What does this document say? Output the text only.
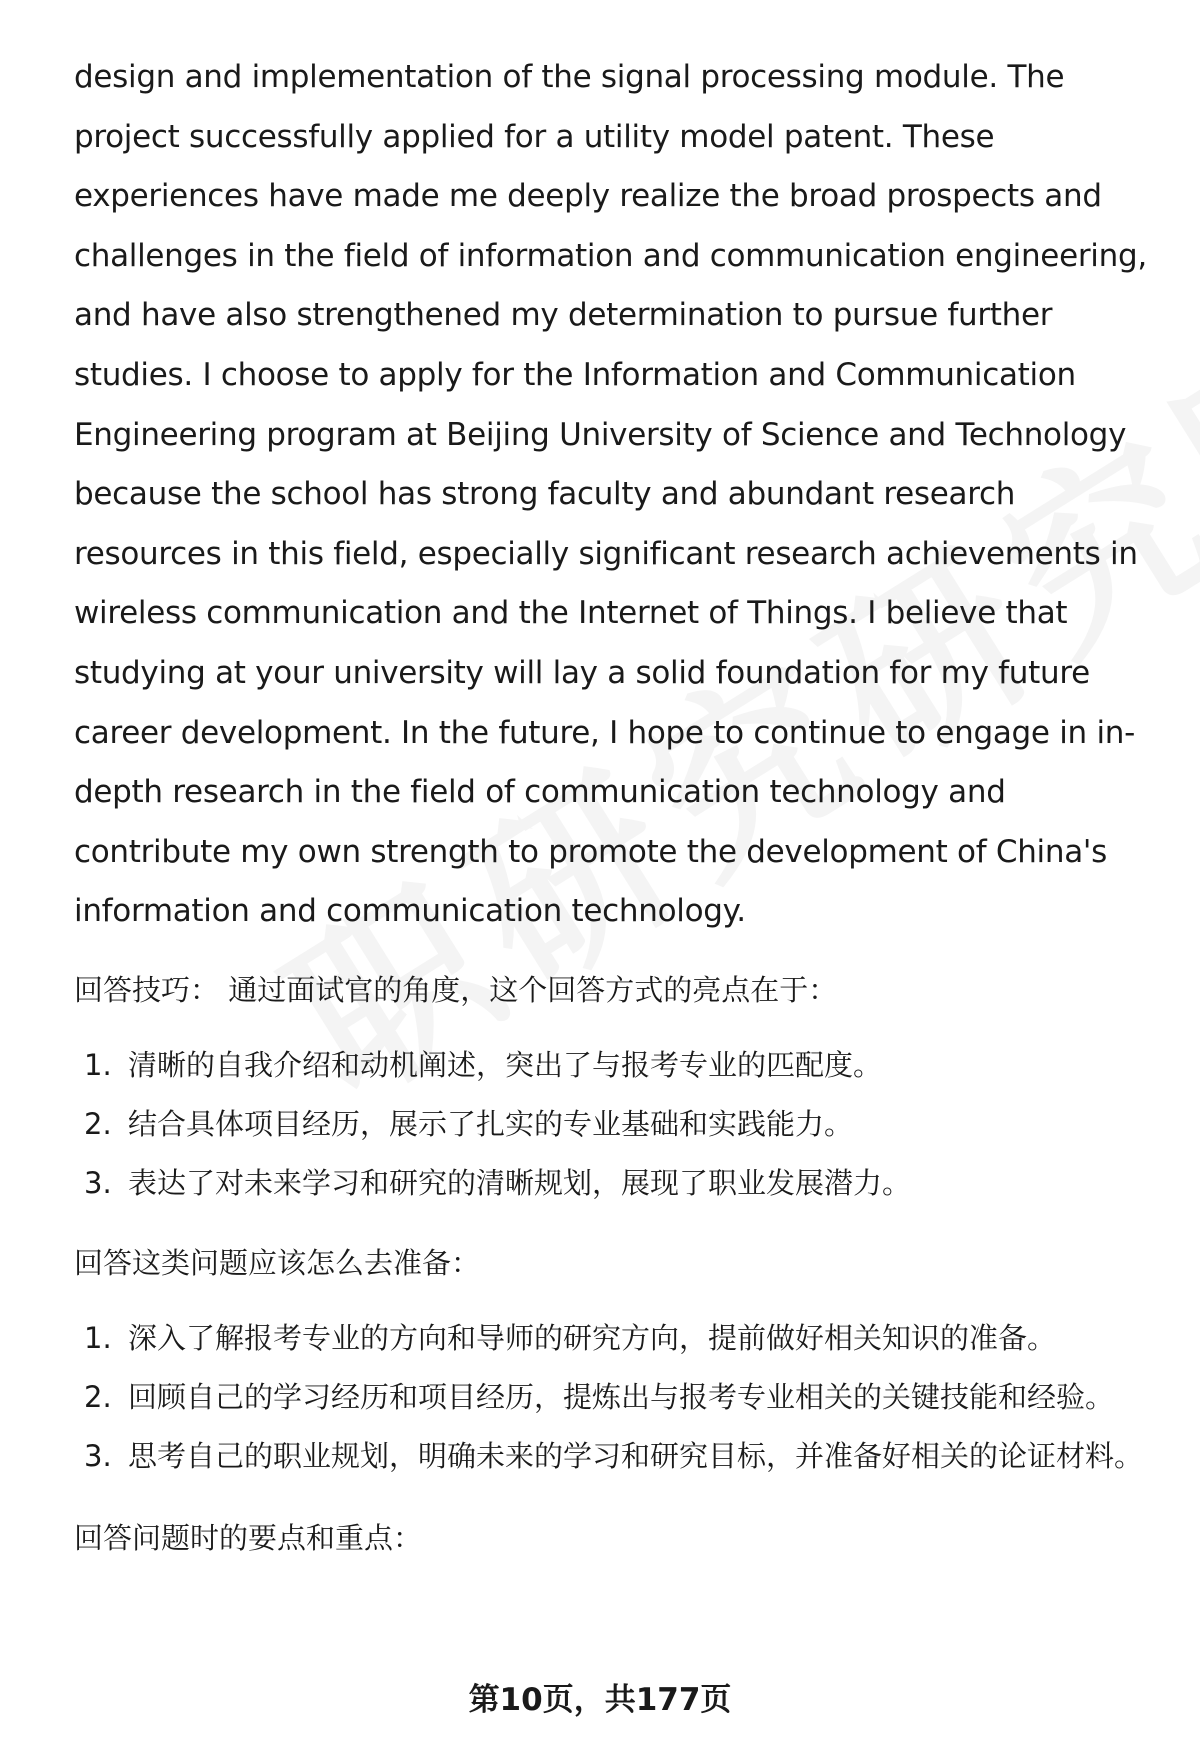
design and implementation of the signal processing module. The project successfully applied for a utility model patent. These experiences have made me deeply realize the broad prospects and challenges in the field of information and communication engineering, and have also strengthened my determination to pursue further studies. I choose to apply for the Information and Communication Engineering program at Beijing University of Science and Technology because the school has strong faculty and abundant research resources in this field, especially significant research achievements in wireless communication and the Internet of Things. I believe that studying at your university will lay a solid foundation for my future career development. In the future, I hope to continue to engage in in-depth research in the field of communication technology and contribute my own strength to promote the development of China's information and communication technology.

回答技巧： 通过面试官的角度，这个回答方式的亮点在于：

1. 清晰的自我介绍和动机阐述，突出了与报考专业的匹配度。
2. 结合具体项目经历，展示了扎实的专业基础和实践能力。
3. 表达了对未来学习和研究的清晰规划，展现了职业发展潜力。

回答这类问题应该怎么去准备：

1. 深入了解报考专业的方向和导师的研究方向，提前做好相关知识的准备。
2. 回顾自己的学习经历和项目经历，提炼出与报考专业相关的关键技能和经验。
3. 思考自己的职业规划，明确未来的学习和研究目标，并准备好相关的论证材料。

回答问题时的要点和重点：

第10页，共177页
